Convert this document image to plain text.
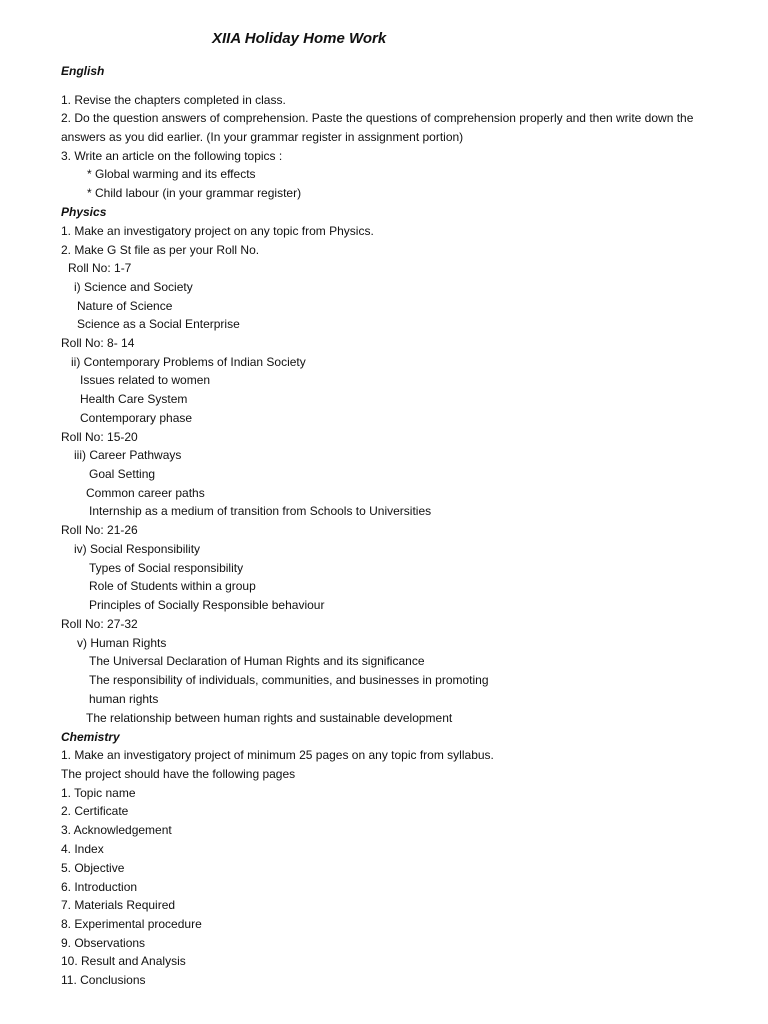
XIIA Holiday Home Work
English
1. Revise the chapters completed in class.
2. Do the question answers of comprehension. Paste the questions of comprehension properly and then write down the answers as you did earlier. (In your grammar register in assignment portion)
3. Write an article on the following topics :
* Global warming and its effects
* Child labour (in your grammar register)
Physics
1. Make an investigatory project on any topic from Physics.
2. Make G St file as per your Roll No.
Roll No: 1-7
i) Science and Society
Nature of Science
Science as a Social Enterprise
Roll No: 8- 14
ii) Contemporary Problems of Indian Society
Issues related to women
Health Care System
Contemporary phase
Roll No: 15-20
iii) Career Pathways
Goal Setting
Common career paths
Internship as a medium of transition from Schools to Universities
Roll No: 21-26
iv) Social Responsibility
Types of Social responsibility
Role of Students within a group
Principles of Socially Responsible behaviour
Roll No: 27-32
v) Human Rights
The Universal Declaration of Human Rights and its significance
The responsibility of individuals, communities, and businesses in promoting
human rights
The relationship between human rights and sustainable development
Chemistry
1. Make an investigatory project of minimum 25 pages on any topic from syllabus.
The project should have the following pages
1. Topic name
2. Certificate
3. Acknowledgement
4. Index
5. Objective
6. Introduction
7. Materials Required
8. Experimental procedure
9. Observations
10. Result and Analysis
11. Conclusions
